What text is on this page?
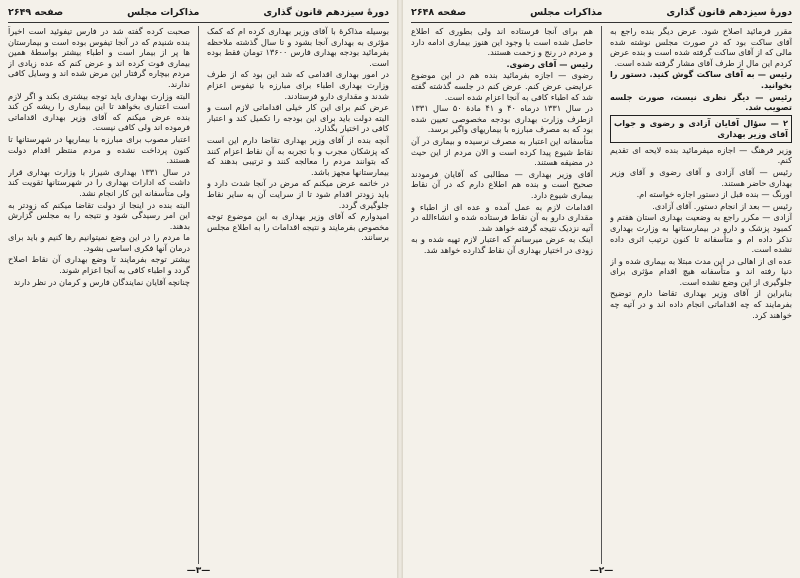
دورهٔ سیزدهم قانون گذاری
مذاکرات مجلس
صفحه ۲۶۴۹

بوسیله مذاکرهٔ با آقای وزیر بهداری کرده ام که کمک مؤثری به بهداری آنجا بشود و تا سال گذشته ملاحظه بفرمائید بودجه بهداری فارس ۱۳۶۰۰ تومان فقط بوده است.

در امور بهداری اقدامی که شد این بود که از طرف وزارت بهداری اطباء برای مبارزه با تیفوس اعزام شدند و مقداری دارو فرستادند.

عرض کنم برای این کار خیلی اقداماتی لازم است و البته دولت باید برای این بودجه را تکمیل کند و اعتبار کافی در اختیار بگذارد.

آنچه بنده از آقای وزیر بهداری تقاضا دارم این است که پزشکان مجرب و با تجربه به آن نقاط اعزام کنند که بتوانند مردم را معالجه کنند و ترتیبی بدهند که بیمارستانها مجهز باشد.

در خاتمه عرض میکنم که مرض در آنجا شدت دارد و باید زودتر اقدام شود تا از سرایت آن به سایر نقاط جلوگیری گردد.

امیدوارم که آقای وزیر بهداری به این موضوع توجه مخصوص بفرمایند و نتیجه اقدامات را به اطلاع مجلس برسانند.

صحبت کرده گفته شد در فارس تیفوئید است اخیراً بنده شنیدم که در آنجا تیفوس بوده است و بیمارستان ها پر از بیمار است و اطباء بیشتر بواسطهٔ همین بیماری فوت کرده اند و عرض کنم که عده زیادی از مردم بیچاره گرفتار این مرض شده اند و وسایل کافی ندارند.

البته وزارت بهداری باید توجه بیشتری بکند و اگر لازم است اعتباری بخواهد تا این بیماری را ریشه کن کند بنده عرض میکنم که آقای وزیر بهداری اقداماتی فرموده اند ولی کافی نیست.

اعتبار مصوب برای مبارزه با بیماریها در شهرستانها تا کنون پرداخت نشده و مردم منتظر اقدام دولت هستند.

در سال ۱۳۳۱ بهداری شیراز با وزارت بهداری قرار داشت که ادارات بهداری را در شهرستانها تقویت کند ولی متأسفانه این کار انجام نشد.

البته بنده در اینجا از دولت تقاضا میکنم که زودتر به این امر رسیدگی شود و نتیجه را به مجلس گزارش بدهند.

ما مردم را در این وضع نمیتوانیم رها کنیم و باید برای درمان آنها فکری اساسی بشود.

بیشتر توجه بفرمایند تا وضع بهداری آن نقاط اصلاح گردد و اطباء کافی به آنجا اعزام شوند.

چنانچه آقایان نمایندگان فارس و کرمان در نظر دارند

—۳—
دورهٔ سیزدهم قانون گذاری
مذاکرات مجلس
صفحه ۲۶۴۸

مقرر فرمائید اصلاح شود. عرض دیگر بنده راجع به آقای ساکت بود که در صورت مجلس نوشته شده مالی که از آقای ساکت گرفته شده است و بنده عرض کردم این مال از طرف آقای مشار گرفته شده است.

رئیس — به آقای ساکت گوش کنید. دستور را بخوانید.

رئیس — دیگر نظری نیست، صورت جلسه تصویب شد.

۲ — سؤال آقایان آزادی و رضوی و جواب آقای وزیر بهداری

وزیر فرهنگ — اجازه میفرمائید بنده لایحه ای تقدیم کنم.

رئیس — آقای آزادی و آقای رضوی و آقای وزیر بهداری حاضر هستند.

اورنگ — بنده قبل از دستور اجازه خواسته ام.

رئیس — بعد از انجام دستور. آقای آزادی.

آزادی — مکرر راجع به وضعیت بهداری استان هفتم و کمبود پزشک و دارو در بیمارستانها به وزارت بهداری تذکر داده ام و متأسفانه تا کنون ترتیب اثری داده نشده است.

عده ای از اهالی در این مدت مبتلا به بیماری شده و از دنیا رفته اند و متأسفانه هیچ اقدام مؤثری برای جلوگیری از این وضع نشده است.

بنابراین از آقای وزیر بهداری تقاضا دارم توضیح بفرمایند که چه اقداماتی انجام داده اند و در آتیه چه خواهند کرد.

هم برای آنجا فرستاده اند ولی بطوری که اطلاع حاصل شده است با وجود این هنوز بیماری ادامه دارد و مردم در رنج و زحمت هستند.

رئیس — آقای رضوی.

رضوی — اجازه بفرمائید بنده هم در این موضوع عرایضی عرض کنم. عرض کنم در جلسه گذشته گفته شد که اطباء کافی به آنجا اعزام شده است.

در سال ۱۳۳۱ درماه ۴۰ و ۴۱ مادهٔ ۵۰ سال ۱۳۳۱ ازطرف وزارت بهداری بودجه مخصوصی تعیین شده بود که به مصرف مبارزه با بیماریهای واگیر برسد.

متأسفانه این اعتبار به مصرف نرسیده و بیماری در آن نقاط شیوع پیدا کرده است و الان مردم از این حیث در مضیقه هستند.

آقای وزیر بهداری — مطالبی که آقایان فرمودند صحیح است و بنده هم اطلاع دارم که در آن نقاط بیماری شیوع دارد.

اقدامات لازم به عمل آمده و عده ای از اطباء و مقداری دارو به آن نقاط فرستاده شده و انشاءالله در آتیه نزدیک نتیجه گرفته خواهد شد.

اینک به عرض میرسانم که اعتبار لازم تهیه شده و به زودی در اختیار بهداری آن نقاط گذارده خواهد شد.

—۲—
